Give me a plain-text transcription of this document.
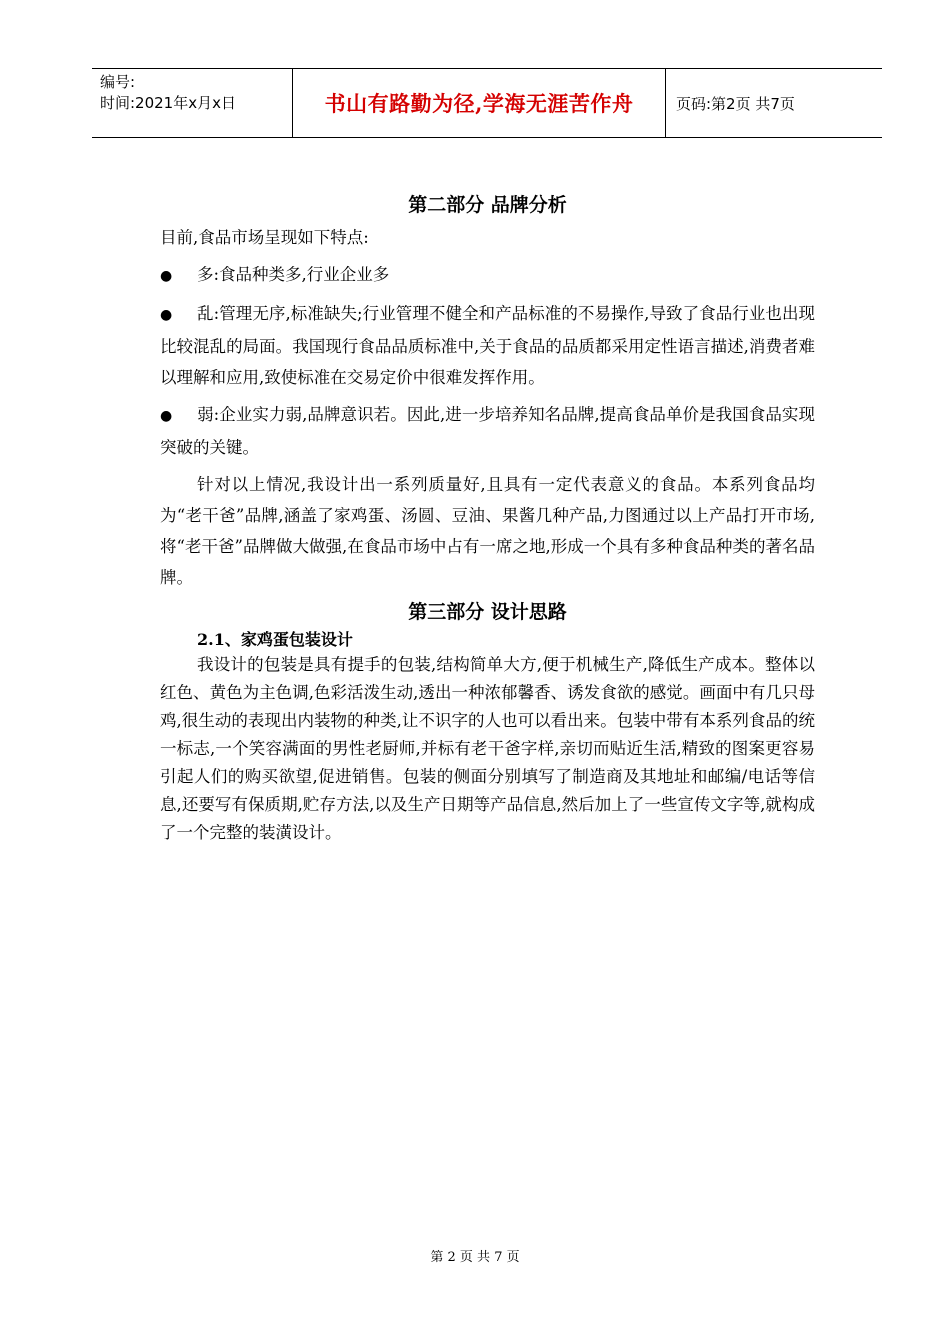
编号:
时间:2021年x月x日	书山有路勤为径,学海无涯苦作舟	页码:第2页 共7页
第二部分 品牌分析

目前,食品市场呈现如下特点:

● 多:食品种类多,行业企业多

● 乱:管理无序,标准缺失;行业管理不健全和产品标准的不易操作,导致了食品行业也出现比较混乱的局面。我国现行食品品质标准中,关于食品的品质都采用定性语言描述,消费者难以理解和应用,致使标准在交易定价中很难发挥作用。

● 弱:企业实力弱,品牌意识若。因此,进一步培养知名品牌,提高食品单价是我国食品实现突破的关键。

针对以上情况,我设计出一系列质量好,且具有一定代表意义的食品。本系列食品均为“老干爸”品牌,涵盖了家鸡蛋、汤圆、豆油、果酱几种产品,力图通过以上产品打开市场,将“老干爸”品牌做大做强,在食品市场中占有一席之地,形成一个具有多种食品种类的著名品牌。

第三部分 设计思路

2.1、家鸡蛋包装设计

我设计的包装是具有提手的包装,结构简单大方,便于机械生产,降低生产成本。整体以红色、黄色为主色调,色彩活泼生动,透出一种浓郁馨香、诱发食欲的感觉。画面中有几只母鸡,很生动的表现出内装物的种类,让不识字的人也可以看出来。包装中带有本系列食品的统一标志,一个笑容满面的男性老厨师,并标有老干爸字样,亲切而贴近生活,精致的图案更容易引起人们的购买欲望,促进销售。包装的侧面分别填写了制造商及其地址和邮编/电话等信息,还要写有保质期,贮存方法,以及生产日期等产品信息,然后加上了一些宣传文字等,就构成了一个完整的装潢设计。

第 2 页 共 7 页
